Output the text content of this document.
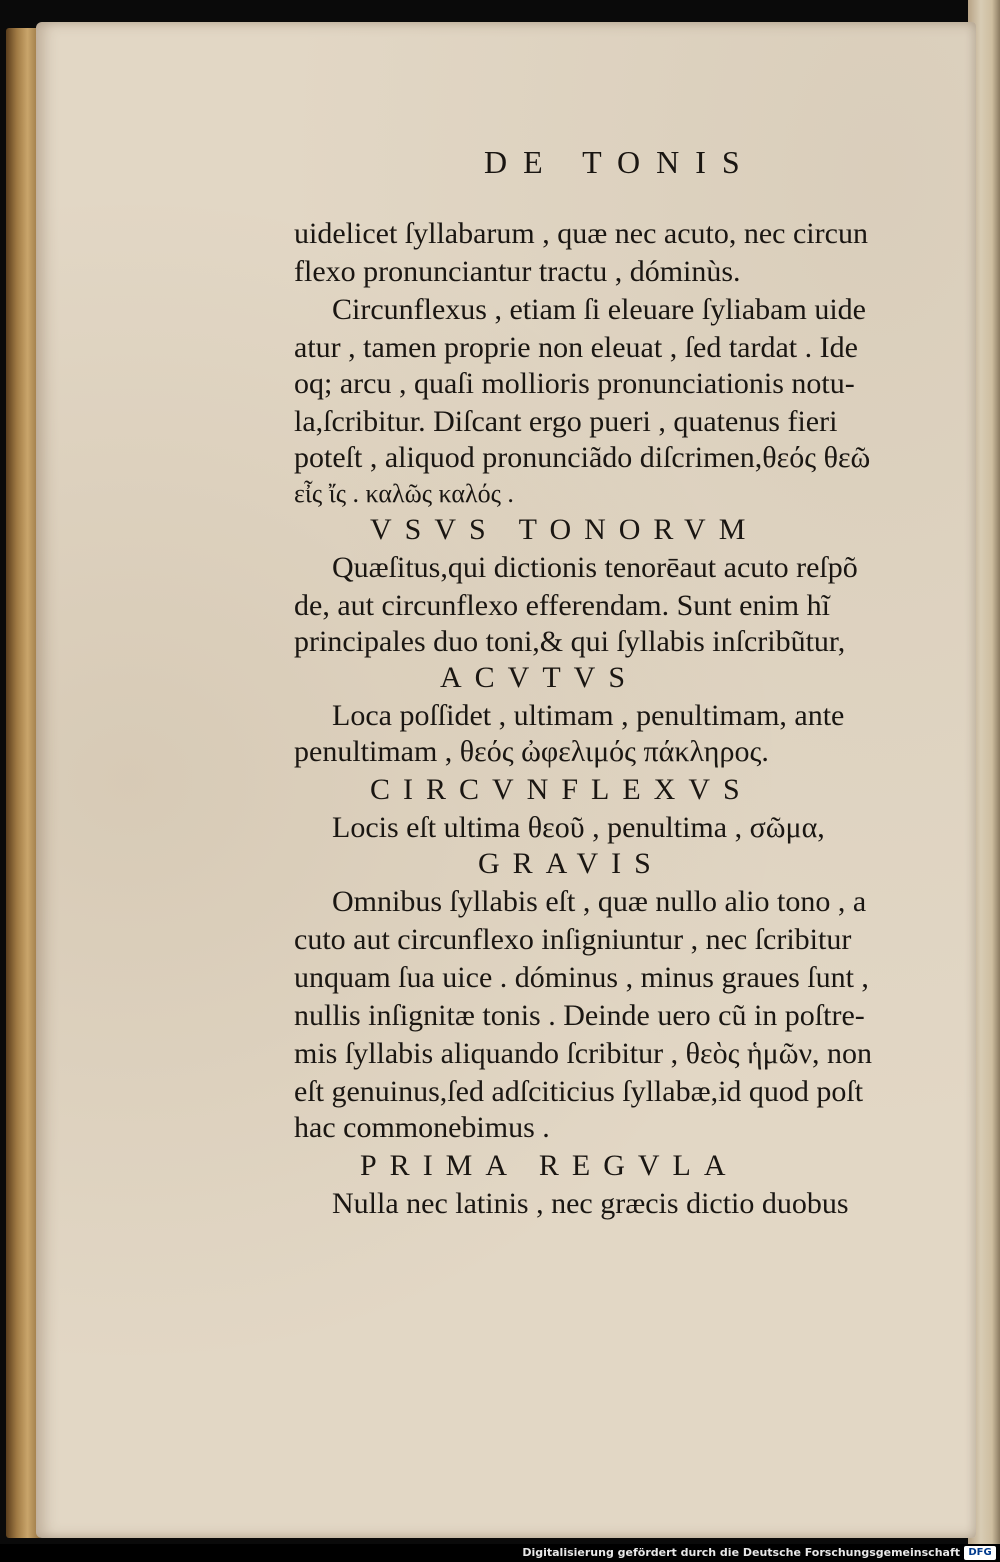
DE TONIS
uidelicet ſyllabarum , quæ nec acuto, nec circun
flexo pronunciantur tractu , dóminùs.
Circunflexus , etiam ſi eleuare ſyliabam uide
atur , tamen proprie non eleuat , ſed tardat . Ide
oq; arcu , quaſi mollioris pronunciationis notu‑
la,ſcribitur. Diſcant ergo pueri , quatenus fieri
poteſt , aliquod pronunciãdo diſcrimen,θεός θεῶ
εἶς ἴς . καλῶς καλός .
VSVS TONORVM
Quæſitus,qui dictionis tenorēaut acuto reſpõ
de, aut circunflexo efferendam. Sunt enim hĩ
principales duo toni,& qui ſyllabis inſcribũtur,
ACVTVS
Loca poſſidet , ultimam , penultimam, ante
penultimam , θεός ὠφελιμός πάκληρος.
CIRCVNFLEXVS
Locis eſt ultima θεοῦ , penultima , σῶμα,
GRAVIS
Omnibus ſyllabis eſt , quæ nullo alio tono , a
cuto aut circunflexo inſigniuntur , nec ſcribitur
unquam ſua uice . dóminus , minus graues ſunt ,
nullis inſignitæ tonis . Deinde uero cũ in poſtre‑
mis ſyllabis aliquando ſcribitur , θεὸς ἡμῶν, non
eſt genuinus,ſed adſciticius ſyllabæ,id quod poſt
hac commonebimus .
PRIMA REGVLA
Nulla nec latinis , nec græcis dictio duobus
Digitalisierung gefördert durch die Deutsche Forschungsgemeinschaft DFG
